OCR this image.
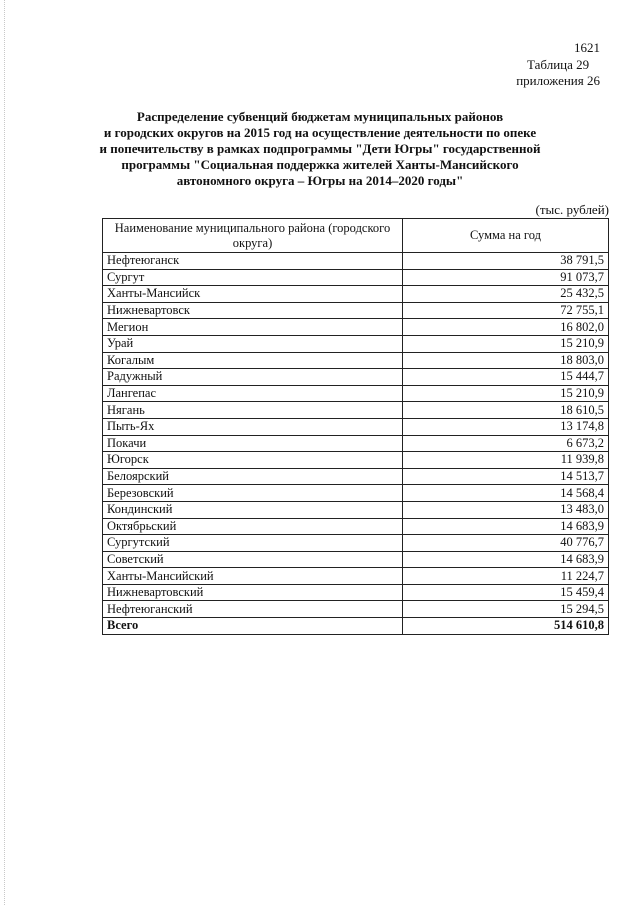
1621
Таблица 29
приложения 26
Распределение субвенций бюджетам муниципальных районов
и городских округов на 2015 год на осуществление деятельности по опеке
и попечительству в рамках подпрограммы "Дети Югры" государственной
программы "Социальная поддержка жителей Ханты-Мансийского
автономного округа – Югры на 2014–2020 годы"
(тыс. рублей)
Наименование муниципального района (городского округа)	Сумма на год
Нефтеюганск	38 791,5
Сургут	91 073,7
Ханты-Мансийск	25 432,5
Нижневартовск	72 755,1
Мегион	16 802,0
Урай	15 210,9
Когалым	18 803,0
Радужный	15 444,7
Лангепас	15 210,9
Нягань	18 610,5
Пыть-Ях	13 174,8
Покачи	6 673,2
Югорск	11 939,8
Белоярский	14 513,7
Березовский	14 568,4
Кондинский	13 483,0
Октябрьский	14 683,9
Сургутский	40 776,7
Советский	14 683,9
Ханты-Мансийский	11 224,7
Нижневартовский	15 459,4
Нефтеюганский	15 294,5
Всего	514 610,8
